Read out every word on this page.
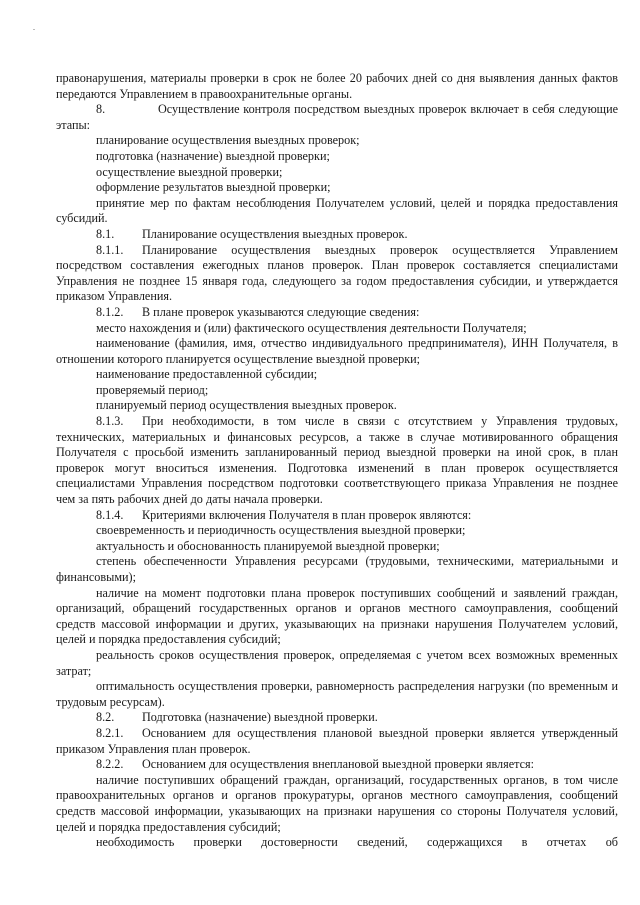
правонарушения, материалы проверки в срок не более 20 рабочих дней со дня выявления данных фактов передаются Управлением в правоохранительные органы.

8.	Осуществление контроля посредством выездных проверок включает в себя следующие этапы:

планирование осуществления выездных проверок;

подготовка (назначение) выездной проверки;

осуществление выездной проверки;

оформление результатов выездной проверки;

принятие мер по фактам несоблюдения Получателем условий, целей и порядка предоставления субсидий.

8.1. Планирование осуществления выездных проверок.

8.1.1. Планирование осуществления выездных проверок осуществляется Управлением посредством составления ежегодных планов проверок. План проверок составляется специалистами Управления не позднее 15 января года, следующего за годом предоставления субсидии, и утверждается приказом Управления.

8.1.2. В плане проверок указываются следующие сведения:

место нахождения и (или) фактического осуществления деятельности Получателя;

наименование (фамилия, имя, отчество индивидуального предпринимателя), ИНН Получателя, в отношении которого планируется осуществление выездной проверки;

наименование предоставленной субсидии;

проверяемый период;

планируемый период осуществления выездных проверок.

8.1.3. При необходимости, в том числе в связи с отсутствием у Управления трудовых, технических, материальных и финансовых ресурсов, а также в случае мотивированного обращения Получателя с просьбой изменить запланированный период выездной проверки на иной срок, в план проверок могут вноситься изменения. Подготовка изменений в план проверок осуществляется специалистами Управления посредством подготовки соответствующего приказа Управления не позднее чем за пять рабочих дней до даты начала проверки.

8.1.4. Критериями включения Получателя в план проверок являются:

своевременность и периодичность осуществления выездной проверки;

актуальность и обоснованность планируемой выездной проверки;

степень обеспеченности Управления ресурсами (трудовыми, техническими, материальными и финансовыми);

наличие на момент подготовки плана проверок поступивших сообщений и заявлений граждан, организаций, обращений государственных органов и органов местного самоуправления, сообщений средств массовой информации и других, указывающих на признаки нарушения Получателем условий, целей и порядка предоставления субсидий;

реальность сроков осуществления проверок, определяемая с учетом всех возможных временных затрат;

оптимальность осуществления проверки, равномерность распределения нагрузки (по временным и трудовым ресурсам).

8.2. Подготовка (назначение) выездной проверки.

8.2.1. Основанием для осуществления плановой выездной проверки является утвержденный приказом Управления план проверок.

8.2.2. Основанием для осуществления внеплановой выездной проверки является:

наличие поступивших обращений граждан, организаций, государственных органов, в том числе правоохранительных органов и органов прокуратуры, органов местного самоуправления, сообщений средств массовой информации, указывающих на признаки нарушения со стороны Получателя условий, целей и порядка предоставления субсидий;

необходимость проверки достоверности сведений, содержащихся в отчетах об
